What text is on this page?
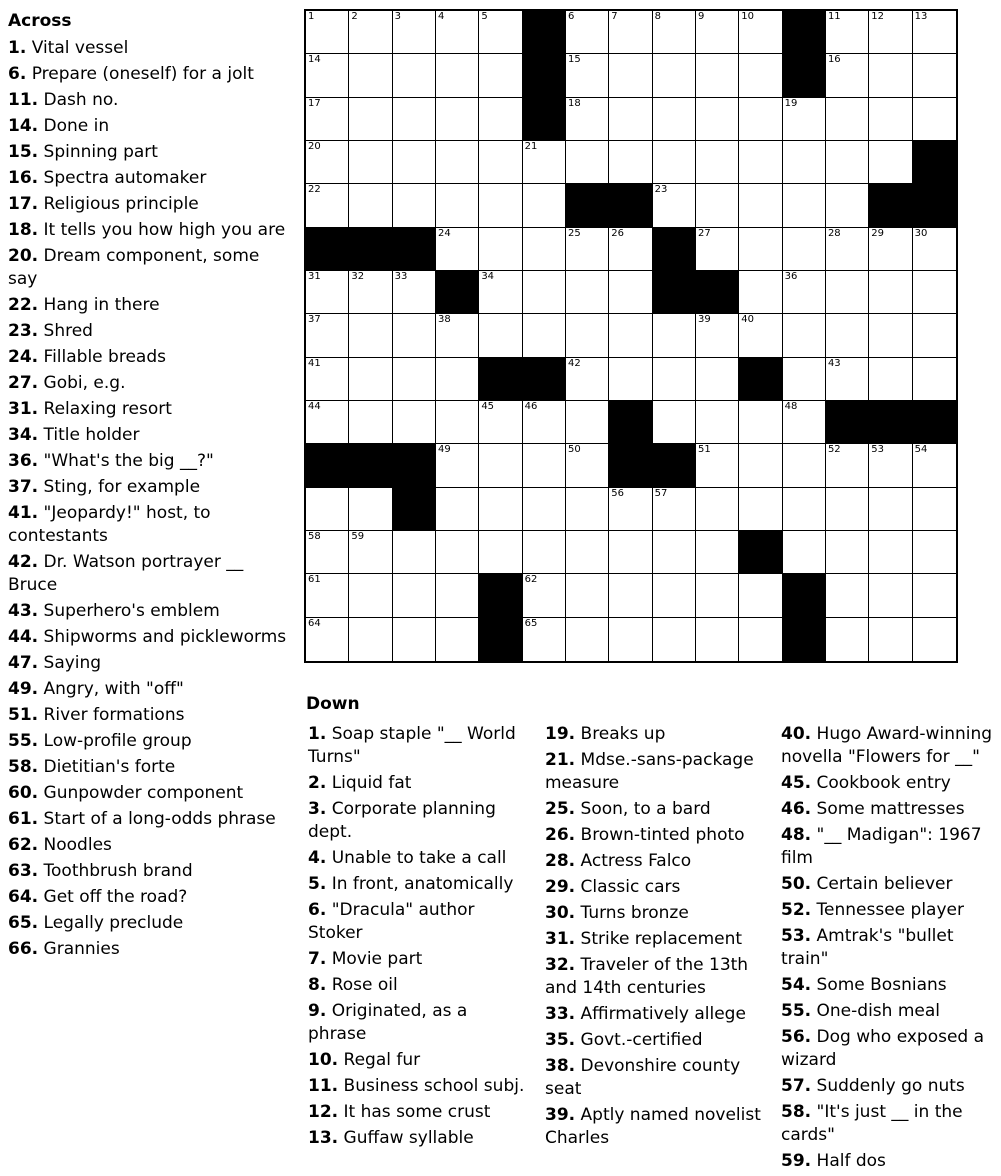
Across
1. Vital vessel
6. Prepare (oneself) for a jolt
11. Dash no.
14. Done in
15. Spinning part
16. Spectra automaker
17. Religious principle
18. It tells you how high you are
20. Dream component, some say
22. Hang in there
23. Shred
24. Fillable breads
27. Gobi, e.g.
31. Relaxing resort
34. Title holder
36. "What's the big __?"
37. Sting, for example
41. "Jeopardy!" host, to contestants
42. Dr. Watson portrayer __ Bruce
43. Superhero's emblem
44. Shipworms and pickleworms
47. Saying
49. Angry, with "off"
51. River formations
55. Low-profile group
58. Dietitian's forte
60. Gunpowder component
61. Start of a long-odds phrase
62. Noodles
63. Toothbrush brand
64. Get off the road?
65. Legally preclude
66. Grannies
1	2	3	4	5	6	7	8	9	10	11	12	13
14	15	16
17	18	19
20	21
22	23
24	25	26	27	28	29	30
31	32	33	34	36
37	38	39	40
41	42	43
44	45	46	48
49	50	51	52	53	54
56	57
58	59
61	62
64	65
Down
1. Soap staple "__ World Turns"
2. Liquid fat
3. Corporate planning dept.
4. Unable to take a call
5. In front, anatomically
6. "Dracula" author Stoker
7. Movie part
8. Rose oil
9. Originated, as a phrase
10. Regal fur
11. Business school subj.
12. It has some crust
13. Guffaw syllable
19. Breaks up
21. Mdse.-sans-package measure
25. Soon, to a bard
26. Brown-tinted photo
28. Actress Falco
29. Classic cars
30. Turns bronze
31. Strike replacement
32. Traveler of the 13th and 14th centuries
33. Affirmatively allege
35. Govt.-certified
38. Devonshire county seat
39. Aptly named novelist Charles
40. Hugo Award-winning novella "Flowers for __"
45. Cookbook entry
46. Some mattresses
48. "__ Madigan": 1967 film
50. Certain believer
52. Tennessee player
53. Amtrak's "bullet train"
54. Some Bosnians
55. One-dish meal
56. Dog who exposed a wizard
57. Suddenly go nuts
58. "It's just __ in the cards"
59. Half dos
